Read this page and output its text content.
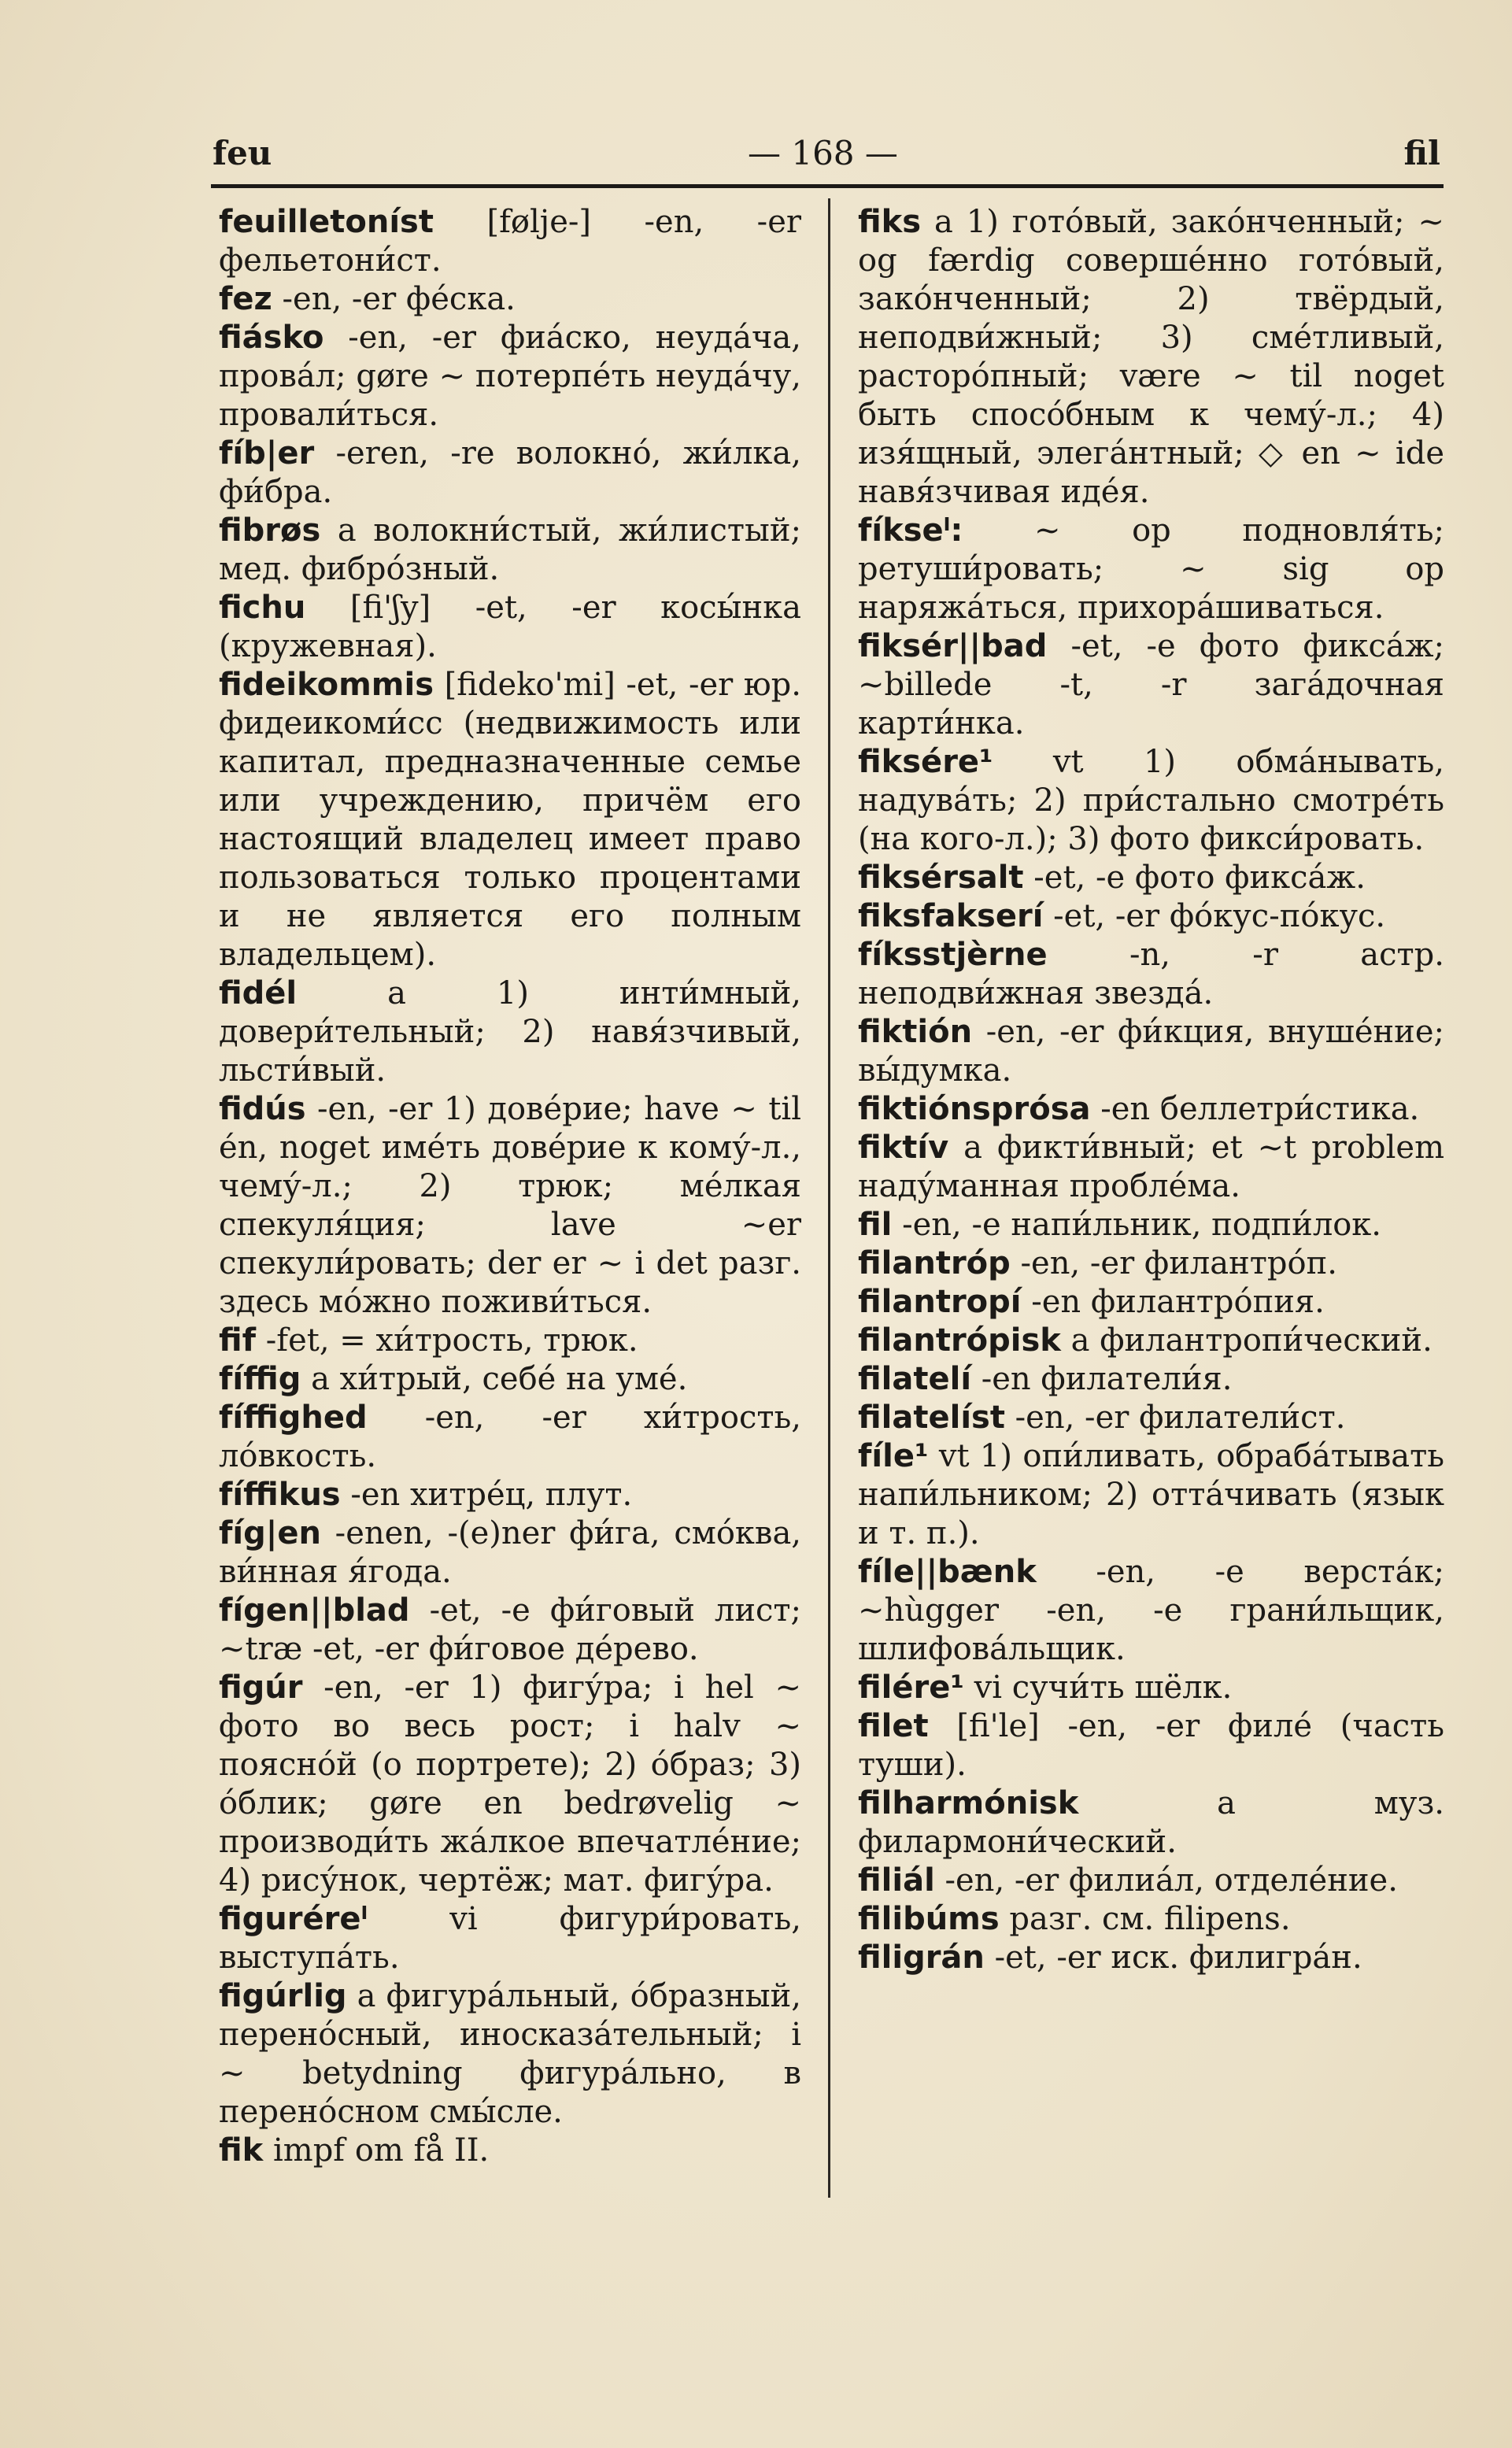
feu	— 168 —	fil
feuilletoníst [følje-] -en, -er фельетони́ст.
fez -en, -er фе́ска.
fiásko -en, -er фиа́ско, неуда́ча, прова́л; gøre ~ потерпе́ть неуда́чу, провали́ться.
fíb|er -eren, -re волокно́, жи́лка, фи́бра.
fibrøs a волокни́стый, жи́листый; мед. фибро́зный.
fichu [fi'ʃy] -et, -er косы́нка (кружевная).
fideikommis [fideko'mi] -et, -er юр. фидеикоми́сс (недвижимость или капитал, предназначенные семье или учреждению, причём его настоящий владелец имеет право пользоваться только процентами и не является его полным владельцем).
fidél a 1) инти́мный, довери́тельный; 2) навя́зчивый, льсти́вый.
fidús -en, -er 1) дове́рие; have ~ til én, noget име́ть дове́рие к кому́-л., чему́-л.; 2) трюк; ме́лкая спекуля́ция; lave ~er спекули́ровать; der er ~ i det разг. здесь мо́жно поживи́ться.
fif -fet, = хи́трость, трюк.
fíffig a хи́трый, себе́ на уме́.
fíffighed -en, -er хи́трость, ло́вкость.
fíffikus -en хитре́ц, плут.
fíg|en -enen, -(e)ner фи́га, смо́ква, ви́нная я́года.
fígen||blad -et, -e фи́говый лист; ~træ -et, -er фи́говое де́рево.
figúr -en, -er 1) фигу́ра; i hel ~ фото во весь рост; i halv ~ пояснóй (о портрете); 2) о́браз; 3) о́блик; gøre en bedrøvelig ~ производи́ть жа́лкое впечатле́ние; 4) рису́нок, чертёж; мат. фигу́ра.
figuréreˡ vi фигури́ровать, выступа́ть.
figúrlig a фигура́льный, о́бразный, перено́сный, иносказа́тельный; i ~ betydning фигура́льно, в перено́сном смы́сле.
fik impf om få II.
fiks a 1) гото́вый, зако́нченный; ~ og færdig соверше́нно гото́вый, зако́нченный; 2) твёрдый, неподви́жный; 3) сме́тливый, расторо́пный; være ~ til noget быть спосо́бным к чему́-л.; 4) изя́щный, элега́нтный; ◇ en ~ ide навя́зчивая иде́я.
fíkseˡ: ~ op подновля́ть; ретуши́ровать; ~ sig op наряжа́ться, прихора́шиваться.
fiksér||bad -et, -e фото фикса́ж; ~billede -t, -r зага́дочная карти́нка.
fiksére¹ vt 1) обма́нывать, надува́ть; 2) при́стально смотре́ть (на кого-л.); 3) фото фикси́ровать.
fiksérsalt -et, -e фото фикса́ж.
fiksfakserí -et, -er фо́кус-по́кус.
fíksstjèrne -n, -r астр. неподви́жная звезда́.
fiktión -en, -er фи́кция, внуше́ние; вы́думка.
fiktiónsprósa -en беллетри́стика.
fiktív a фикти́вный; et ~t problem наду́манная пробле́ма.
fil -en, -e напи́льник, подпи́лок.
filantróp -en, -er филантро́п.
filantropí -en филантро́пия.
filantrópisk a филантропи́ческий.
filatelí -en филатели́я.
filatelíst -en, -er филатели́ст.
fíle¹ vt 1) опи́ливать, обраба́тывать напи́льником; 2) отта́чивать (язык и т. п.).
fíle||bænk -en, -e верста́к; ~hùgger -en, -e грани́льщик, шлифова́льщик.
filére¹ vi сучи́ть шёлк.
filet [fi'le] -en, -er филе́ (часть туши).
filharmónisk a муз. филармони́ческий.
filiál -en, -er филиа́л, отделе́ние.
filibúms разг. см. filipens.
filigrán -et, -er иск. филигра́н.
